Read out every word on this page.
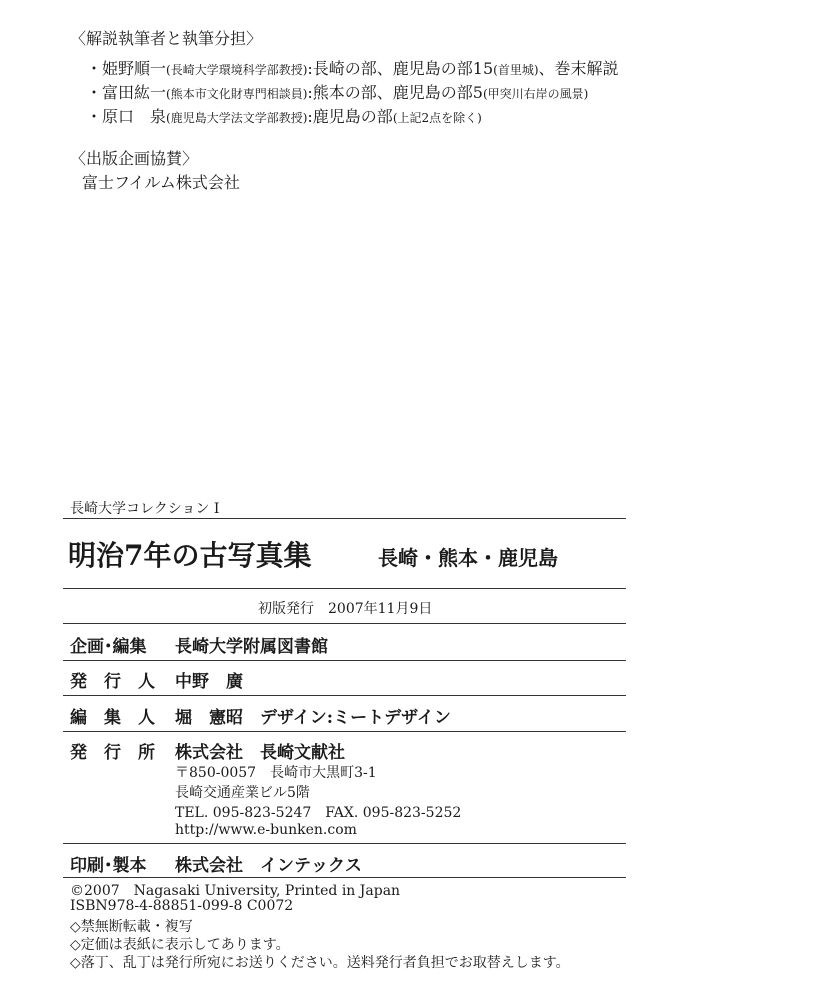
〈解説執筆者と執筆分担〉
・姫野順一(長崎大学環境科学部教授):長崎の部、鹿児島の部15(首里城)、巻末解説
・富田紘一(熊本市文化財専門相談員):熊本の部、鹿児島の部5(甲突川右岸の風景)
・原口　泉(鹿児島大学法文学部教授):鹿児島の部(上記2点を除く)
〈出版企画協賛〉
富士フイルム株式会社
長崎大学コレクション Ⅰ
明治7年の古写真集	長崎・熊本・鹿児島
初版発行　2007年11月9日
企画･編集 長崎大学附属図書館
発　行　人 中野　廣
編　集　人 堀　憲昭　デザイン:ミートデザイン
発　行　所 株式会社　長崎文献社
〒850-0057　長崎市大黒町3-1
長崎交通産業ビル5階
TEL. 095-823-5247　FAX. 095-823-5252
http://www.e-bunken.com
印刷･製本 株式会社　インテックス
©2007　Nagasaki University, Printed in Japan
ISBN978-4-88851-099-8 C0072
◇禁無断転載・複写
◇定価は表紙に表示してあります。
◇落丁、乱丁は発行所宛にお送りください。送料発行者負担でお取替えします。
